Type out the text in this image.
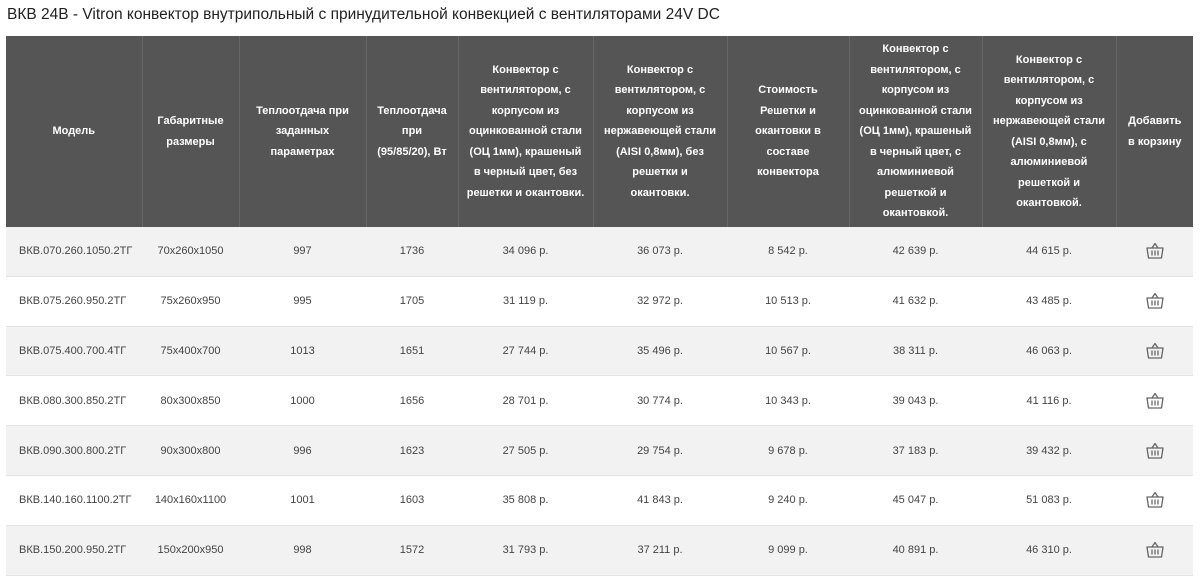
ВКВ 24В - Vitron конвектор внутрипольный с принудительной конвекцией с вентиляторами 24V DC
Модель	Габаритные размеры	Теплоотдача при заданных параметрах	Теплоотдача при (95/85/20), Вт	Конвектор с вентилятором, с корпусом из оцинкованной стали (ОЦ 1мм), крашеный в черный цвет, без решетки и окантовки.	Конвектор с вентилятором, с корпусом из нержавеющей стали (AISI 0,8мм), без решетки и окантовки.	Стоимость Решетки и окантовки в составе конвектора	Конвектор с вентилятором, с корпусом из оцинкованной стали (ОЦ 1мм), крашеный в черный цвет, с алюминиевой решеткой и окантовкой.	Конвектор с вентилятором, с корпусом из нержавеющей стали (AISI 0,8мм), с алюминиевой решеткой и окантовкой.	Добавить в корзину
ВКВ.070.260.1050.2ТГ	70х260х1050	997	1736	34 096 р.	36 073 р.	8 542 р.	42 639 р.	44 615 р.	
ВКВ.075.260.950.2ТГ	75х260х950	995	1705	31 119 р.	32 972 р.	10 513 р.	41 632 р.	43 485 р.	
ВКВ.075.400.700.4ТГ	75х400х700	1013	1651	27 744 р.	35 496 р.	10 567 р.	38 311 р.	46 063 р.	
ВКВ.080.300.850.2ТГ	80х300х850	1000	1656	28 701 р.	30 774 р.	10 343 р.	39 043 р.	41 116 р.	
ВКВ.090.300.800.2ТГ	90х300х800	996	1623	27 505 р.	29 754 р.	9 678 р.	37 183 р.	39 432 р.	
ВКВ.140.160.1100.2ТГ	140х160х1100	1001	1603	35 808 р.	41 843 р.	9 240 р.	45 047 р.	51 083 р.	
ВКВ.150.200.950.2ТГ	150х200х950	998	1572	31 793 р.	37 211 р.	9 099 р.	40 891 р.	46 310 р.	
